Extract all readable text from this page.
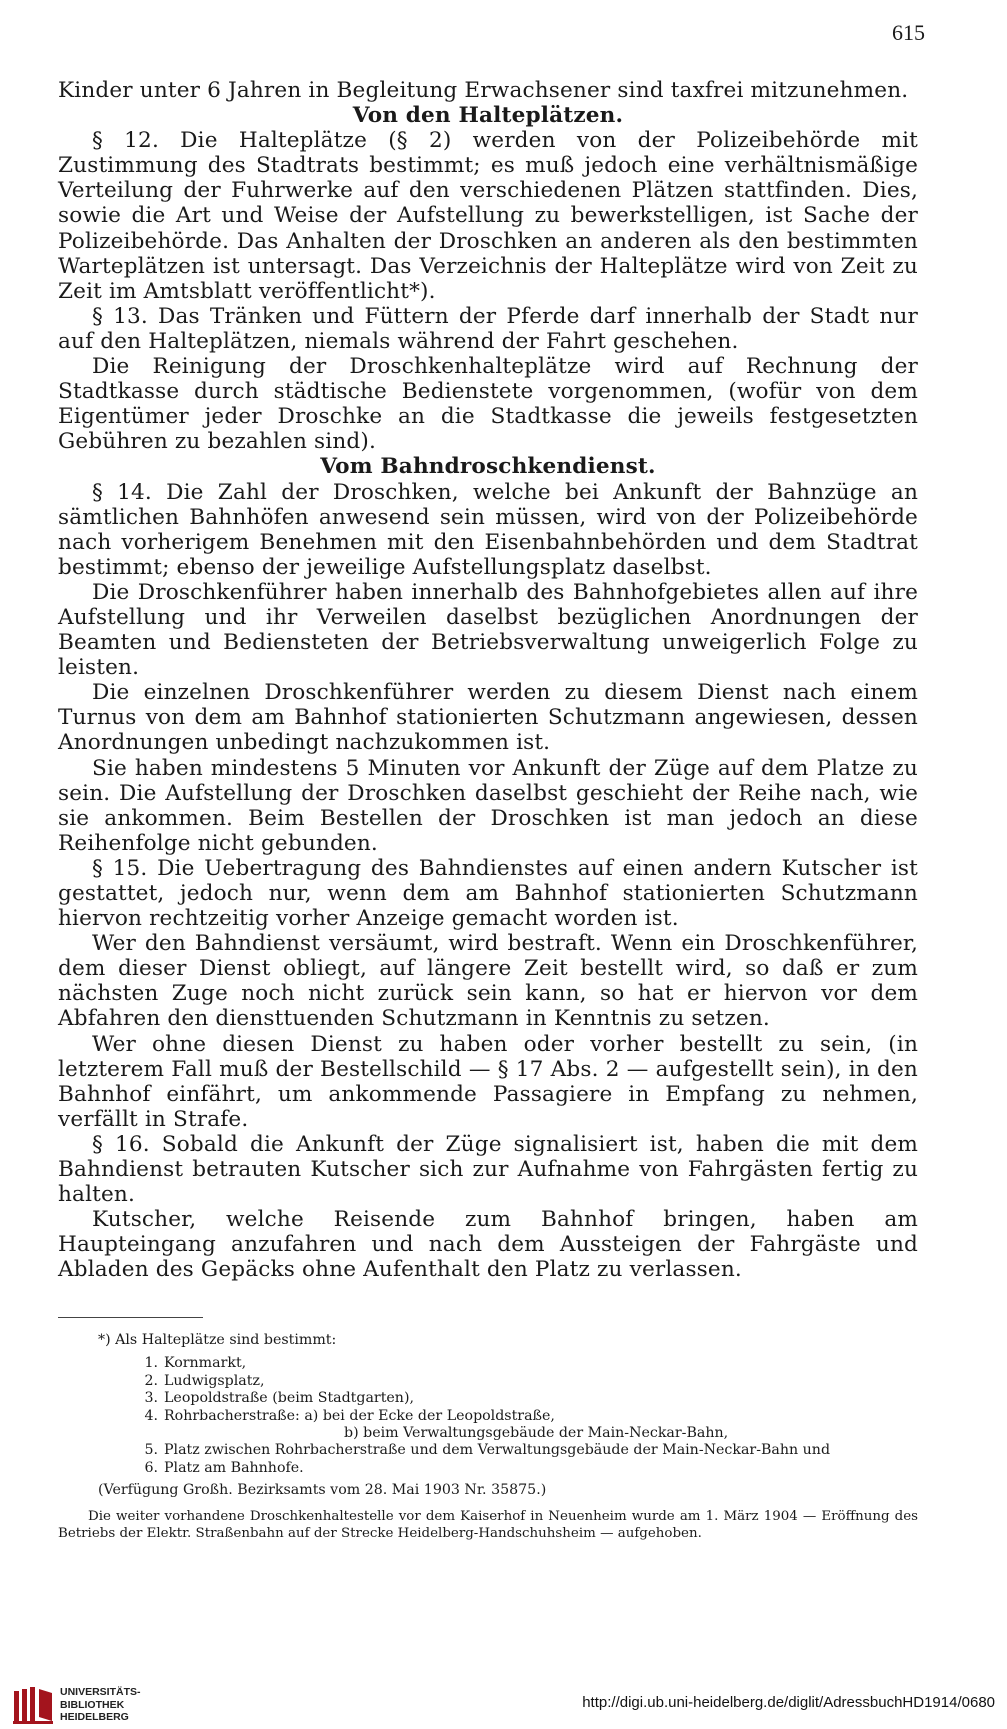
615

Kinder unter 6 Jahren in Begleitung Erwachsener sind taxfrei mitzunehmen.

Von den Halteplätzen.

§ 12. Die Halteplätze (§ 2) werden von der Polizeibehörde mit Zustimmung des Stadtrats bestimmt; es muß jedoch eine verhältnismäßige Verteilung der Fuhrwerke auf den verschiedenen Plätzen stattfinden. Dies, sowie die Art und Weise der Aufstellung zu bewerkstelligen, ist Sache der Polizeibehörde. Das Anhalten der Droschken an anderen als den bestimmten Warteplätzen ist untersagt. Das Verzeichnis der Halteplätze wird von Zeit zu Zeit im Amtsblatt veröffentlicht*).

§ 13. Das Tränken und Füttern der Pferde darf innerhalb der Stadt nur auf den Halteplätzen, niemals während der Fahrt geschehen.

Die Reinigung der Droschkenhalteplätze wird auf Rechnung der Stadtkasse durch städtische Bedienstete vorgenommen, (wofür von dem Eigentümer jeder Droschke an die Stadtkasse die jeweils festgesetzten Gebühren zu bezahlen sind).

Vom Bahndroschkendienst.

§ 14. Die Zahl der Droschken, welche bei Ankunft der Bahnzüge an sämtlichen Bahnhöfen anwesend sein müssen, wird von der Polizeibehörde nach vorherigem Benehmen mit den Eisenbahnbehörden und dem Stadtrat bestimmt; ebenso der jeweilige Aufstellungsplatz daselbst.

Die Droschkenführer haben innerhalb des Bahnhofgebietes allen auf ihre Aufstellung und ihr Verweilen daselbst bezüglichen Anordnungen der Beamten und Bediensteten der Betriebsverwaltung unweigerlich Folge zu leisten.

Die einzelnen Droschkenführer werden zu diesem Dienst nach einem Turnus von dem am Bahnhof stationierten Schutzmann angewiesen, dessen Anordnungen unbedingt nachzukommen ist.

Sie haben mindestens 5 Minuten vor Ankunft der Züge auf dem Platze zu sein. Die Aufstellung der Droschken daselbst geschieht der Reihe nach, wie sie ankommen. Beim Bestellen der Droschken ist man jedoch an diese Reihenfolge nicht gebunden.

§ 15. Die Uebertragung des Bahndienstes auf einen andern Kutscher ist gestattet, jedoch nur, wenn dem am Bahnhof stationierten Schutzmann hiervon rechtzeitig vorher Anzeige gemacht worden ist.

Wer den Bahndienst versäumt, wird bestraft. Wenn ein Droschkenführer, dem dieser Dienst obliegt, auf längere Zeit bestellt wird, so daß er zum nächsten Zuge noch nicht zurück sein kann, so hat er hiervon vor dem Abfahren den diensttuenden Schutzmann in Kenntnis zu setzen.

Wer ohne diesen Dienst zu haben oder vorher bestellt zu sein, (in letzterem Fall muß der Bestellschild — § 17 Abs. 2 — aufgestellt sein), in den Bahnhof einfährt, um ankommende Passagiere in Empfang zu nehmen, verfällt in Strafe.

§ 16. Sobald die Ankunft der Züge signalisiert ist, haben die mit dem Bahndienst betrauten Kutscher sich zur Aufnahme von Fahrgästen fertig zu halten.

Kutscher, welche Reisende zum Bahnhof bringen, haben am Haupteingang anzufahren und nach dem Aussteigen der Fahrgäste und Abladen des Gepäcks ohne Aufenthalt den Platz zu verlassen.

*) Als Halteplätze sind bestimmt:
1. Kornmarkt,
2. Ludwigsplatz,
3. Leopoldstraße (beim Stadtgarten),
4. Rohrbacherstraße: a) bei der Ecke der Leopoldstraße,
b) beim Verwaltungsgebäude der Main-Neckar-Bahn,
5. Platz zwischen Rohrbacherstraße und dem Verwaltungsgebäude der Main-Neckar-Bahn und
6. Platz am Bahnhofe.
(Verfügung Großh. Bezirksamts vom 28. Mai 1903 Nr. 35875.)

Die weiter vorhandene Droschkenhaltestelle vor dem Kaiserhof in Neuenheim wurde am 1. März 1904 — Eröffnung des Betriebs der Elektr. Straßenbahn auf der Strecke Heidelberg-Handschuhsheim — aufgehoben.

UNIVERSITÄTS-
BIBLIOTHEK
HEIDELBERG
http://digi.ub.uni-heidelberg.de/diglit/AdressbuchHD1914/0680
